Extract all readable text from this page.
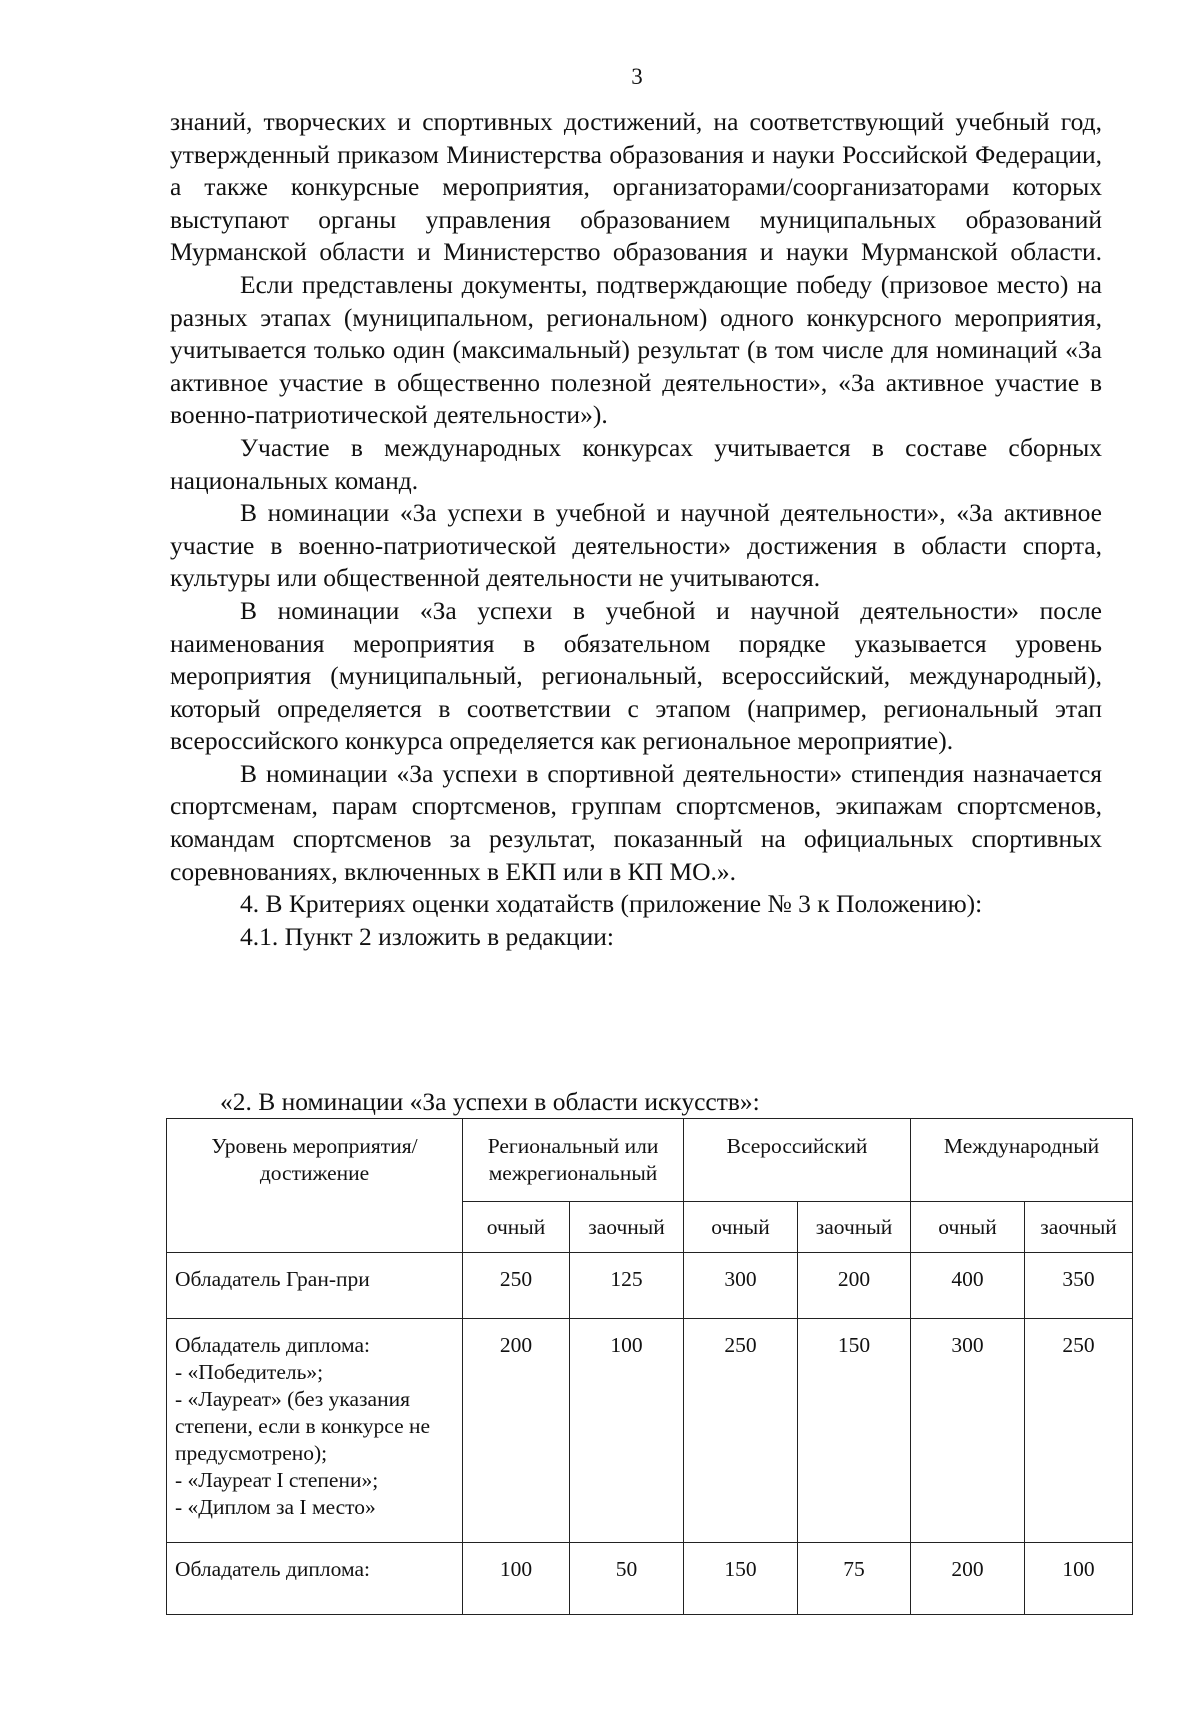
3

знаний, творческих и спортивных достижений, на соответствующий учебный год, утвержденный приказом Министерства образования и науки Российской Федерации, а также конкурсные мероприятия, организаторами/соорганизаторами которых выступают органы управления образованием муниципальных образований Мурманской области и Министерство образования и науки Мурманской области.

Если представлены документы, подтверждающие победу (призовое место) на разных этапах (муниципальном, региональном) одного конкурсного мероприятия, учитывается только один (максимальный) результат (в том числе для номинаций «За активное участие в общественно полезной деятельности», «За активное участие в военно-патриотической деятельности»).

Участие в международных конкурсах учитывается в составе сборных национальных команд.

В номинации «За успехи в учебной и научной деятельности», «За активное участие в военно-патриотической деятельности» достижения в области спорта, культуры или общественной деятельности не учитываются.

В номинации «За успехи в учебной и научной деятельности» после наименования мероприятия в обязательном порядке указывается уровень мероприятия (муниципальный, региональный, всероссийский, международный), который определяется в соответствии с этапом (например, региональный этап всероссийского конкурса определяется как региональное мероприятие).

В номинации «За успехи в спортивной деятельности» стипендия назначается спортсменам, парам спортсменов, группам спортсменов, экипажам спортсменов, командам спортсменов за результат, показанный на официальных спортивных соревнованиях, включенных в ЕКП или в КП МО.».

4. В Критериях оценки ходатайств (приложение № 3 к Положению):

4.1. Пункт 2 изложить в редакции:

«2. В номинации «За успехи в области искусств»:
Уровень мероприятия/ достижение	Региональный или межрегиональный		Всероссийский		Международный	
	очный	заочный	очный	заочный	очный	заочный

Обладатель Гран-при	250	125	300	200	400	350

Обладатель диплома:
- «Победитель»;
- «Лауреат» (без указания степени, если в конкурсе не предусмотрено);
- «Лауреат I степени»;
- «Диплом за I место»	200	100	250	150	300	250

Обладатель диплома:	100	50	150	75	200	100
